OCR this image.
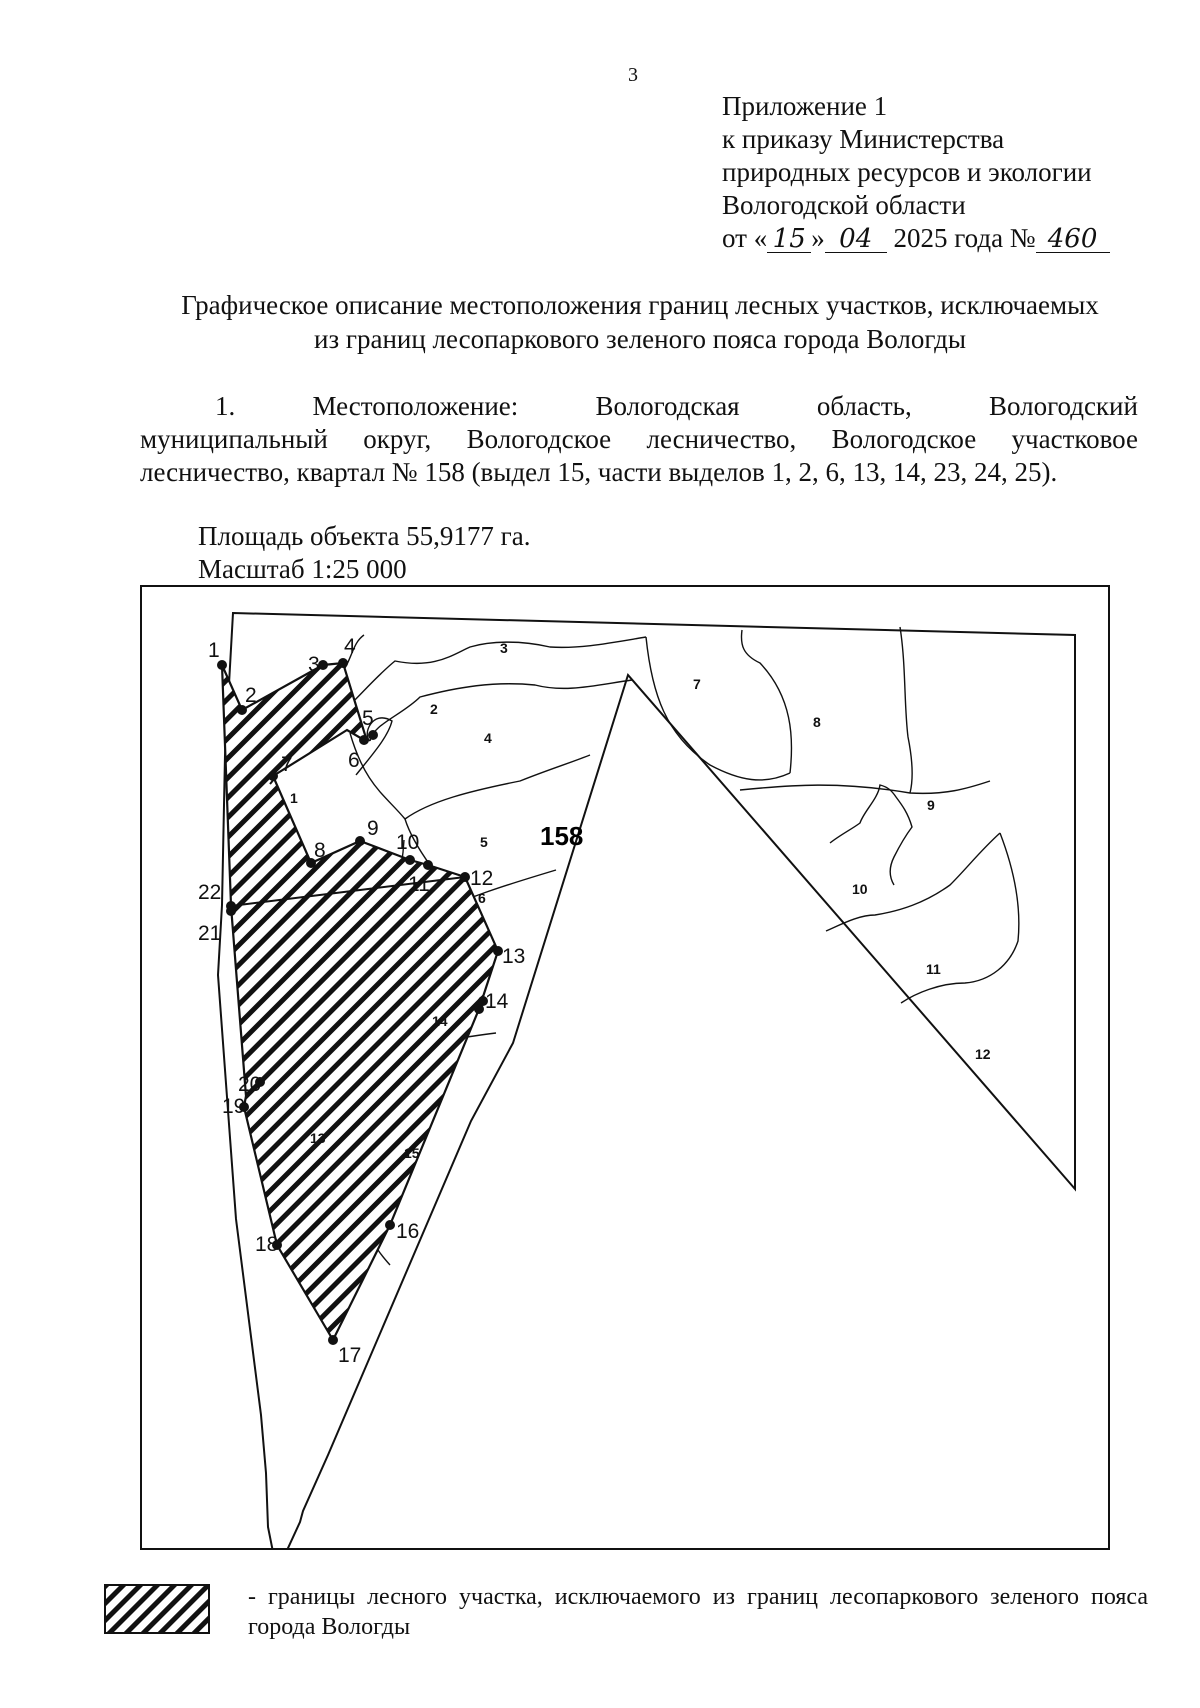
3
Приложение 1
к приказу Министерства
природных ресурсов и экологии
Вологодской области
от « 15 » 04 2025 года № 460
Графическое описание местоположения границ лесных участков, исключаемых
из границ лесопаркового зеленого пояса города Вологды
1.	Местоположение:	Вологодская	область,	Вологодский
муниципальный округ, Вологодское лесничество, Вологодское участковое лесничество, квартал № 158 (выдел 15, части выделов 1, 2, 6, 13, 14, 23, 24, 25).
Площадь объекта 55,9177 га.
Масштаб 1:25 000
158
1
2
3
4
5
6
7
8
9
10
11
12
13
14
15
1
2
3
4
5
6
7
8
9
10
11 12
13
14
16
17
18
19
20
21
22
- границы лесного участка, исключаемого из границ лесопаркового зеленого пояса города Вологды
